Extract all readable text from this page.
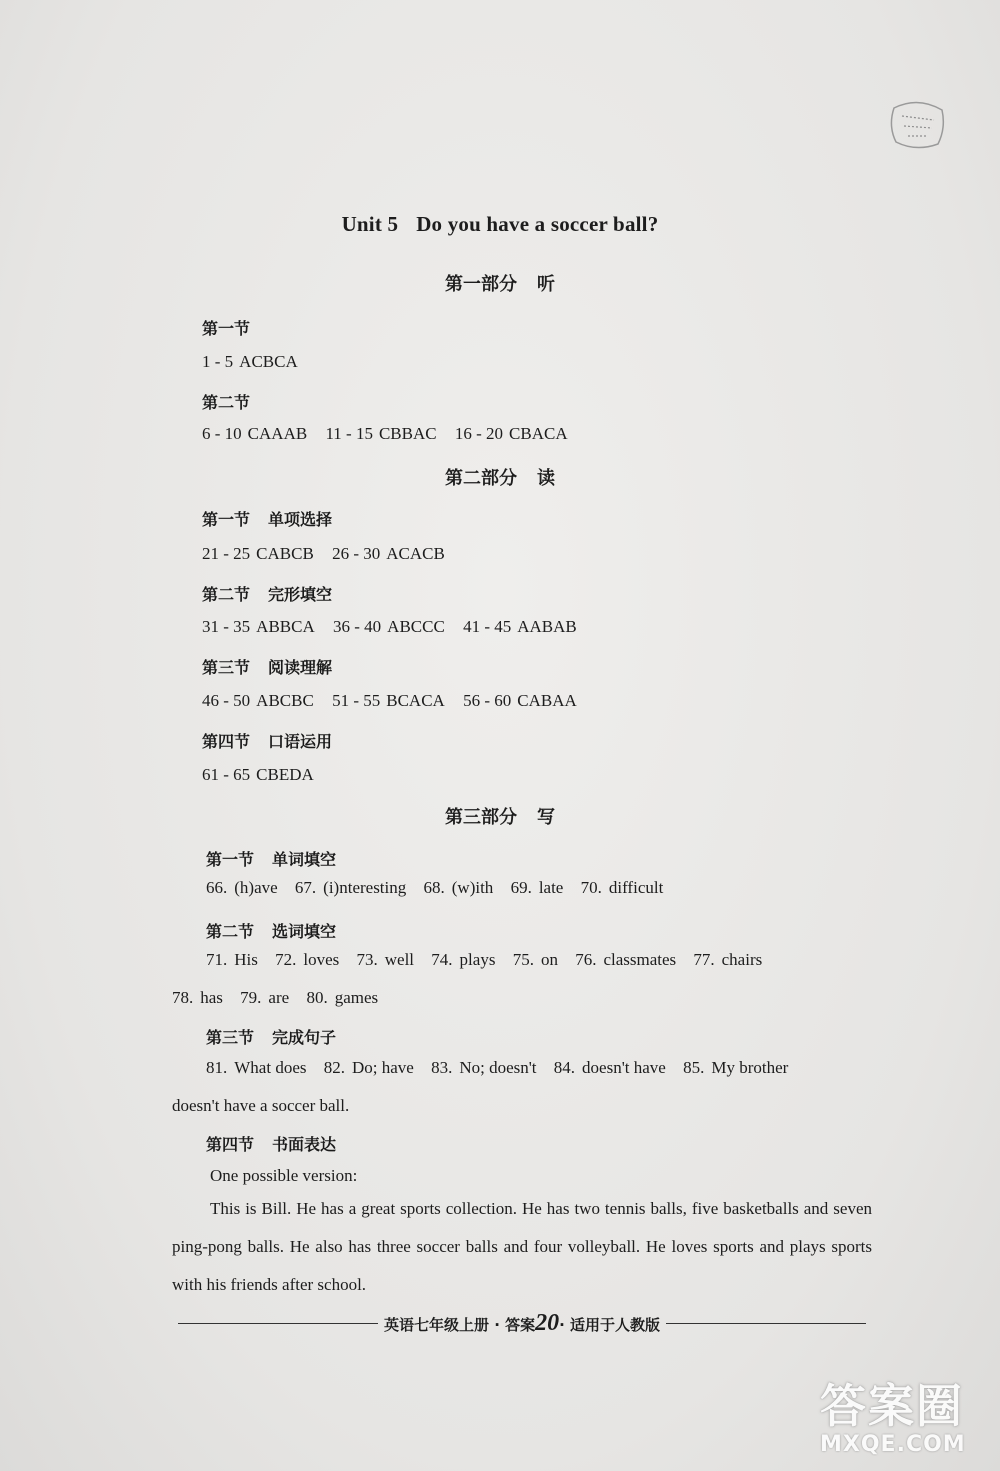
Unit 5 Do you have a soccer ball?
第一部分 听
第一节
1 - 5 ACBCA
第二节
6 - 10 CAAAB 11 - 15 CBBAC 16 - 20 CBACA
第二部分 读
第一节 单项选择
21 - 25 CABCB 26 - 30 ACACB
第二节 完形填空
31 - 35 ABBCA 36 - 40 ABCCC 41 - 45 AABAB
第三节 阅读理解
46 - 50 ABCBC 51 - 55 BCACA 56 - 60 CABAA
第四节 口语运用
61 - 65 CBEDA
第三部分 写
第一节 单词填空
66. (h)ave 67. (i)nteresting 68. (w)ith 69. late 70. difficult
第二节 选词填空
71. His 72. loves 73. well 74. plays 75. on 76. classmates 77. chairs
78. has 79. are 80. games
第三节 完成句子
81. What does 82. Do; have 83. No; doesn't 84. doesn't have 85. My brother
doesn't have a soccer ball.
第四节 书面表达
One possible version:
This is Bill. He has a great sports collection. He has two tennis balls, five basketballs and seven ping-pong balls. He also has three soccer balls and four volleyball. He loves sports and plays sports with his friends after school.
英语七年级上册 · 答案20· 适用于人教版
答案圈
MXQE.COM
